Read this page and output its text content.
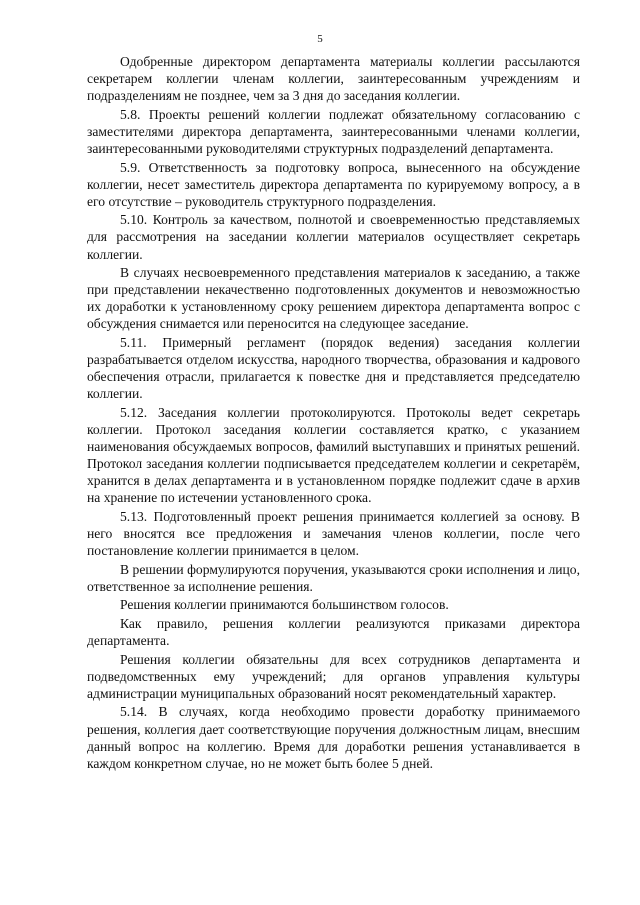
5

Одобренные директором департамента материалы коллегии рассылаются секретарем коллегии членам коллегии, заинтересованным учреждениям и подразделениям не позднее, чем за 3 дня до заседания коллегии.

5.8. Проекты решений коллегии подлежат обязательному согласованию с заместителями директора департамента, заинтересованными членами коллегии, заинтересованными руководителями структурных подразделений департамента.

5.9. Ответственность за подготовку вопроса, вынесенного на обсуждение коллегии, несет заместитель директора департамента по курируемому вопросу, а в его отсутствие – руководитель структурного подразделения.

5.10. Контроль за качеством, полнотой и своевременностью представляемых для рассмотрения на заседании коллегии материалов осуществляет секретарь коллегии.

В случаях несвоевременного представления материалов к заседанию, а также при представлении некачественно подготовленных документов и невозможностью их доработки к установленному сроку решением директора департамента вопрос с обсуждения снимается или переносится на следующее заседание.

5.11. Примерный регламент (порядок ведения) заседания коллегии разрабатывается отделом искусства, народного творчества, образования и кадрового обеспечения отрасли, прилагается к повестке дня и представляется председателю коллегии.

5.12. Заседания коллегии протоколируются. Протоколы ведет секретарь коллегии. Протокол заседания коллегии составляется кратко, с указанием наименования обсуждаемых вопросов, фамилий выступавших и принятых решений. Протокол заседания коллегии подписывается председателем коллегии и секретарём, хранится в делах департамента и в установленном порядке подлежит сдаче в архив на хранение по истечении установленного срока.

5.13. Подготовленный проект решения принимается коллегией за основу. В него вносятся все предложения и замечания членов коллегии, после чего постановление коллегии принимается в целом.

В решении формулируются поручения, указываются сроки исполнения и лицо, ответственное за исполнение решения.

Решения коллегии принимаются большинством голосов.

Как правило, решения коллегии реализуются приказами директора департамента.

Решения коллегии обязательны для всех сотрудников департамента и подведомственных ему учреждений; для органов управления культуры администрации муниципальных образований носят рекомендательный характер.

5.14. В случаях, когда необходимо провести доработку принимаемого решения, коллегия дает соответствующие поручения должностным лицам, внесшим данный вопрос на коллегию. Время для доработки решения устанавливается в каждом конкретном случае, но не может быть более 5 дней.
